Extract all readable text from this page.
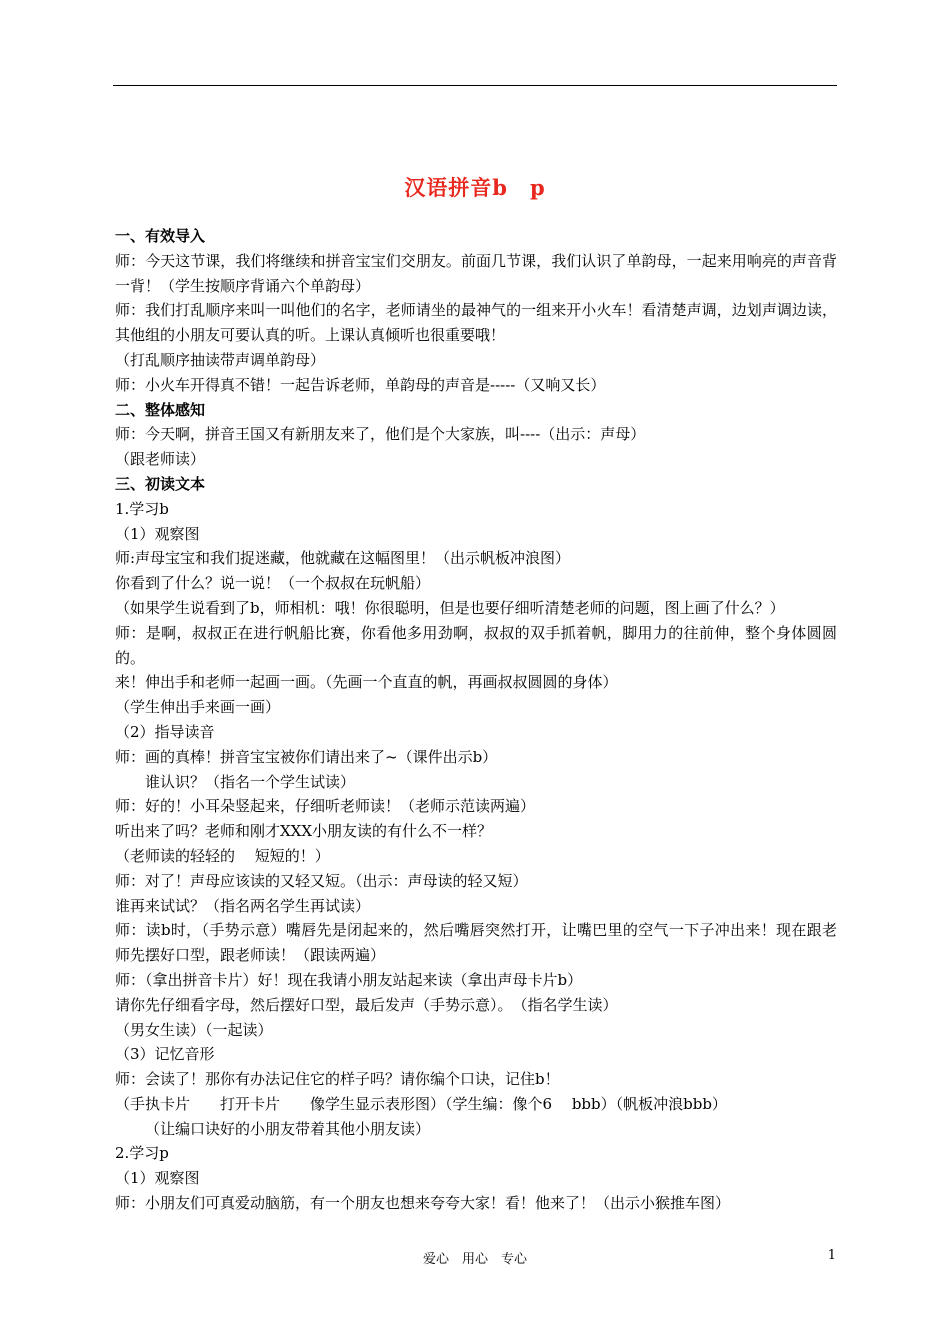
汉语拼音b　p

一、有效导入

师：今天这节课，我们将继续和拼音宝宝们交朋友。前面几节课，我们认识了单韵母，一起来用响亮的声音背一背！（学生按顺序背诵六个单韵母）

师：我们打乱顺序来叫一叫他们的名字，老师请坐的最神气的一组来开小火车！看清楚声调，边划声调边读，其他组的小朋友可要认真的听。上课认真倾听也很重要哦！

（打乱顺序抽读带声调单韵母）

师：小火车开得真不错！一起告诉老师，单韵母的声音是-----（又响又长）

二、整体感知

师：今天啊，拼音王国又有新朋友来了，他们是个大家族，叫----（出示：声母）

（跟老师读）

三、初读文本

1.学习b

（1）观察图

师:声母宝宝和我们捉迷藏，他就藏在这幅图里！（出示帆板冲浪图）

你看到了什么？说一说！（一个叔叔在玩帆船）

（如果学生说看到了b，师相机：哦！你很聪明，但是也要仔细听清楚老师的问题，图上画了什么？）

师：是啊，叔叔正在进行帆船比赛，你看他多用劲啊，叔叔的双手抓着帆，脚用力的往前伸，整个身体圆圆的。

来！伸出手和老师一起画一画。（先画一个直直的帆，再画叔叔圆圆的身体）

（学生伸出手来画一画）

（2）指导读音

师：画的真棒！拼音宝宝被你们请出来了~（课件出示b）

谁认识？（指名一个学生试读）

师：好的！小耳朵竖起来，仔细听老师读！（老师示范读两遍）

听出来了吗？老师和刚才XXX小朋友读的有什么不一样？

（老师读的轻轻的　 短短的！）

师：对了！声母应该读的又轻又短。（出示：声母读的轻又短）

谁再来试试？（指名两名学生再试读）

师：读b时，（手势示意）嘴唇先是闭起来的，然后嘴唇突然打开，让嘴巴里的空气一下子冲出来！现在跟老师先摆好口型，跟老师读！（跟读两遍）

师：（拿出拼音卡片）好！现在我请小朋友站起来读（拿出声母卡片b）

请你先仔细看字母，然后摆好口型，最后发声（手势示意）。　（指名学生读）

（男女生读）（一起读）

（3）记忆音形

师：会读了！那你有办法记住它的样子吗？请你编个口诀，记住b！

（手执卡片　　打开卡片　　像学生显示表形图）（学生编：像个6　 bbb）（帆板冲浪bbb）

（让编口诀好的小朋友带着其他小朋友读）

2.学习p

（1）观察图

师：小朋友们可真爱动脑筋，有一个朋友也想来夸夸大家！看！他来了！（出示小猴推车图）

爱心　用心　专心	1
